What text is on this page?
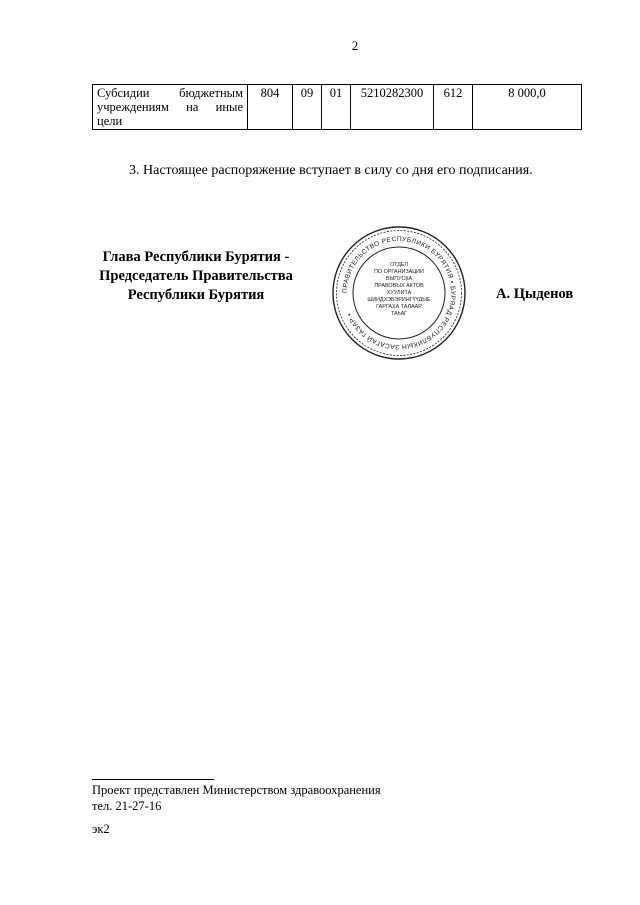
2
Субсидии бюджетным учреждениям на иные цели	804	09	01	5210282300	612	8 000,0
3. Настоящее распоряжение вступает в силу со дня его подписания.
Глава Республики Бурятия -
Председатель Правительства
Республики Бурятия	ПРАВИТЕЛЬСТВО РЕСПУБЛИКИ БУРЯТИЯ • БУРЯАД РЕСПУБЛИКЫН ЗАСАГАЙ ГАЗАР •
ОТДЕЛ
ПО ОРГАНИЗАЦИИ
ВЫПУСКА
ПРАВОВЫХ АКТОВ
ХУУЛИТА
ШИИДХЭБЭРИНГҮҮДЫЕ
ГАРГАХА ТАЛААР
ТАһАГ
А. Цыденов
Проект представлен Министерством здравоохранения
тел. 21-27-16
эк2
